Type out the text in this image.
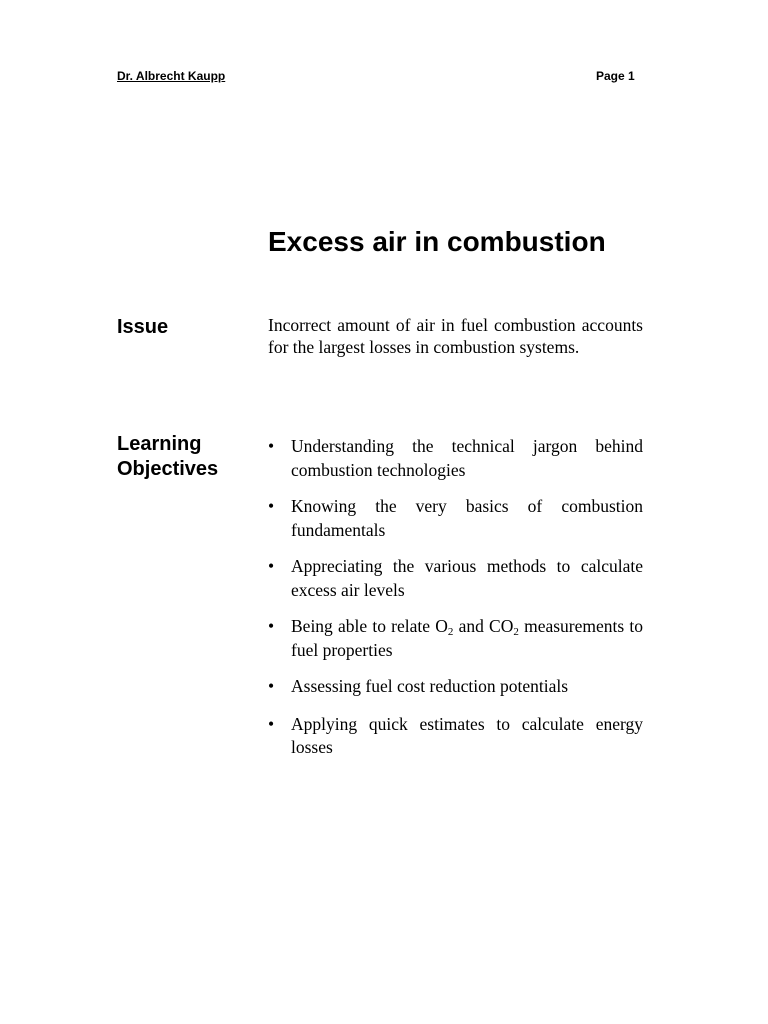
Dr. Albrecht Kaupp	Page 1
Excess air in combustion
Issue	Incorrect amount of air in fuel combustion accounts for the largest losses in combustion systems.

Learning
Objectives
• Understanding the technical jargon behind combustion technologies
• Knowing the very basics of combustion fundamentals
• Appreciating the various methods to calculate excess air levels
• Being able to relate $O_2$ and $CO_2$ measurements to fuel properties
• Assessing fuel cost reduction potentials
• Applying quick estimates to calculate energy losses
